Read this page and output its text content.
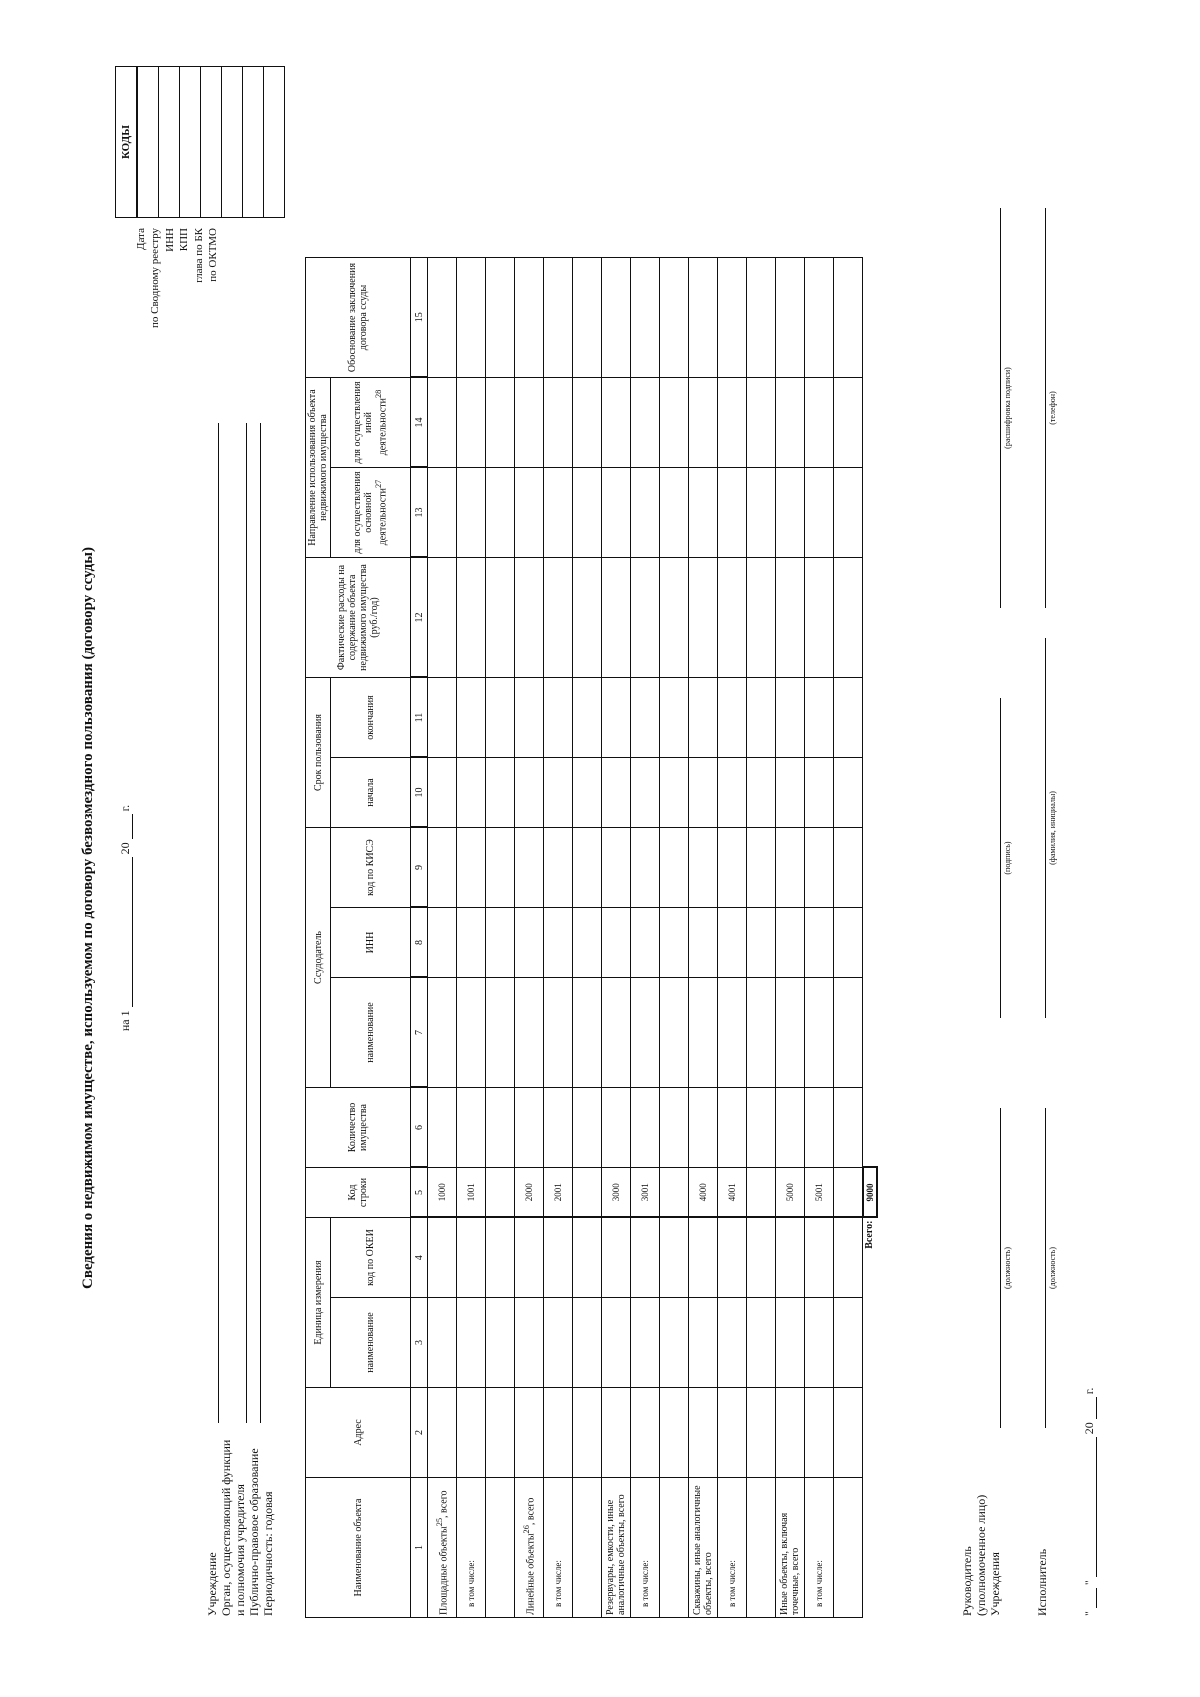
Сведения о недвижимом имуществе, используемом по договору безвозмездного пользования (договору ссуды) на 1  20  г.
Дата по Сводному реестру ИНН КПП глава по БК по ОКТМО
КОДЫ

Учреждение Орган, осуществляющий функции и полномочия учредителя Публично-правовое образование Периодичность: годовая	Наименование объекта	Адрес	Единица измерения		Код строки	Количество имущества	Ссудодатель			Срок пользования		Фактические расходы на содержание объекта недвижимого имущества (руб./год)	Направление использования объекта недвижимого имущества		Обоснование заключения договора ссуды
		наименование	код по ОКЕИ			наименование	ИНН	код по КИСЭ	начала	окончания		для осуществления основной деятельности$^{27}$	для осуществления иной деятельности$^{28}$
1	2	3	4	5	6	7	8	9	10	11	12	13	14	15
Площадные объекты$^{25}$, всего				1000										
в том числе:				1001										

Линейные объекты$^{26}$, всего				2000										
в том числе:				2001										

Резервуары, емкости, иные аналогичные объекты, всего				3000										
в том числе:				3001										

Скважины, иные аналогичные объекты, всего				4000										
в том числе:				4001										

Иные объекты, включая точечные, всего				5000										
в том числе:				5001										

			Всего:	9000										
Руководитель (уполномоченное лицо) Учреждения
(должность)
(подпись)
(расшифровка подписи)
Исполнитель
(должность)
(фамилия, инициалы)
(телефон)
"  "  20  г.
